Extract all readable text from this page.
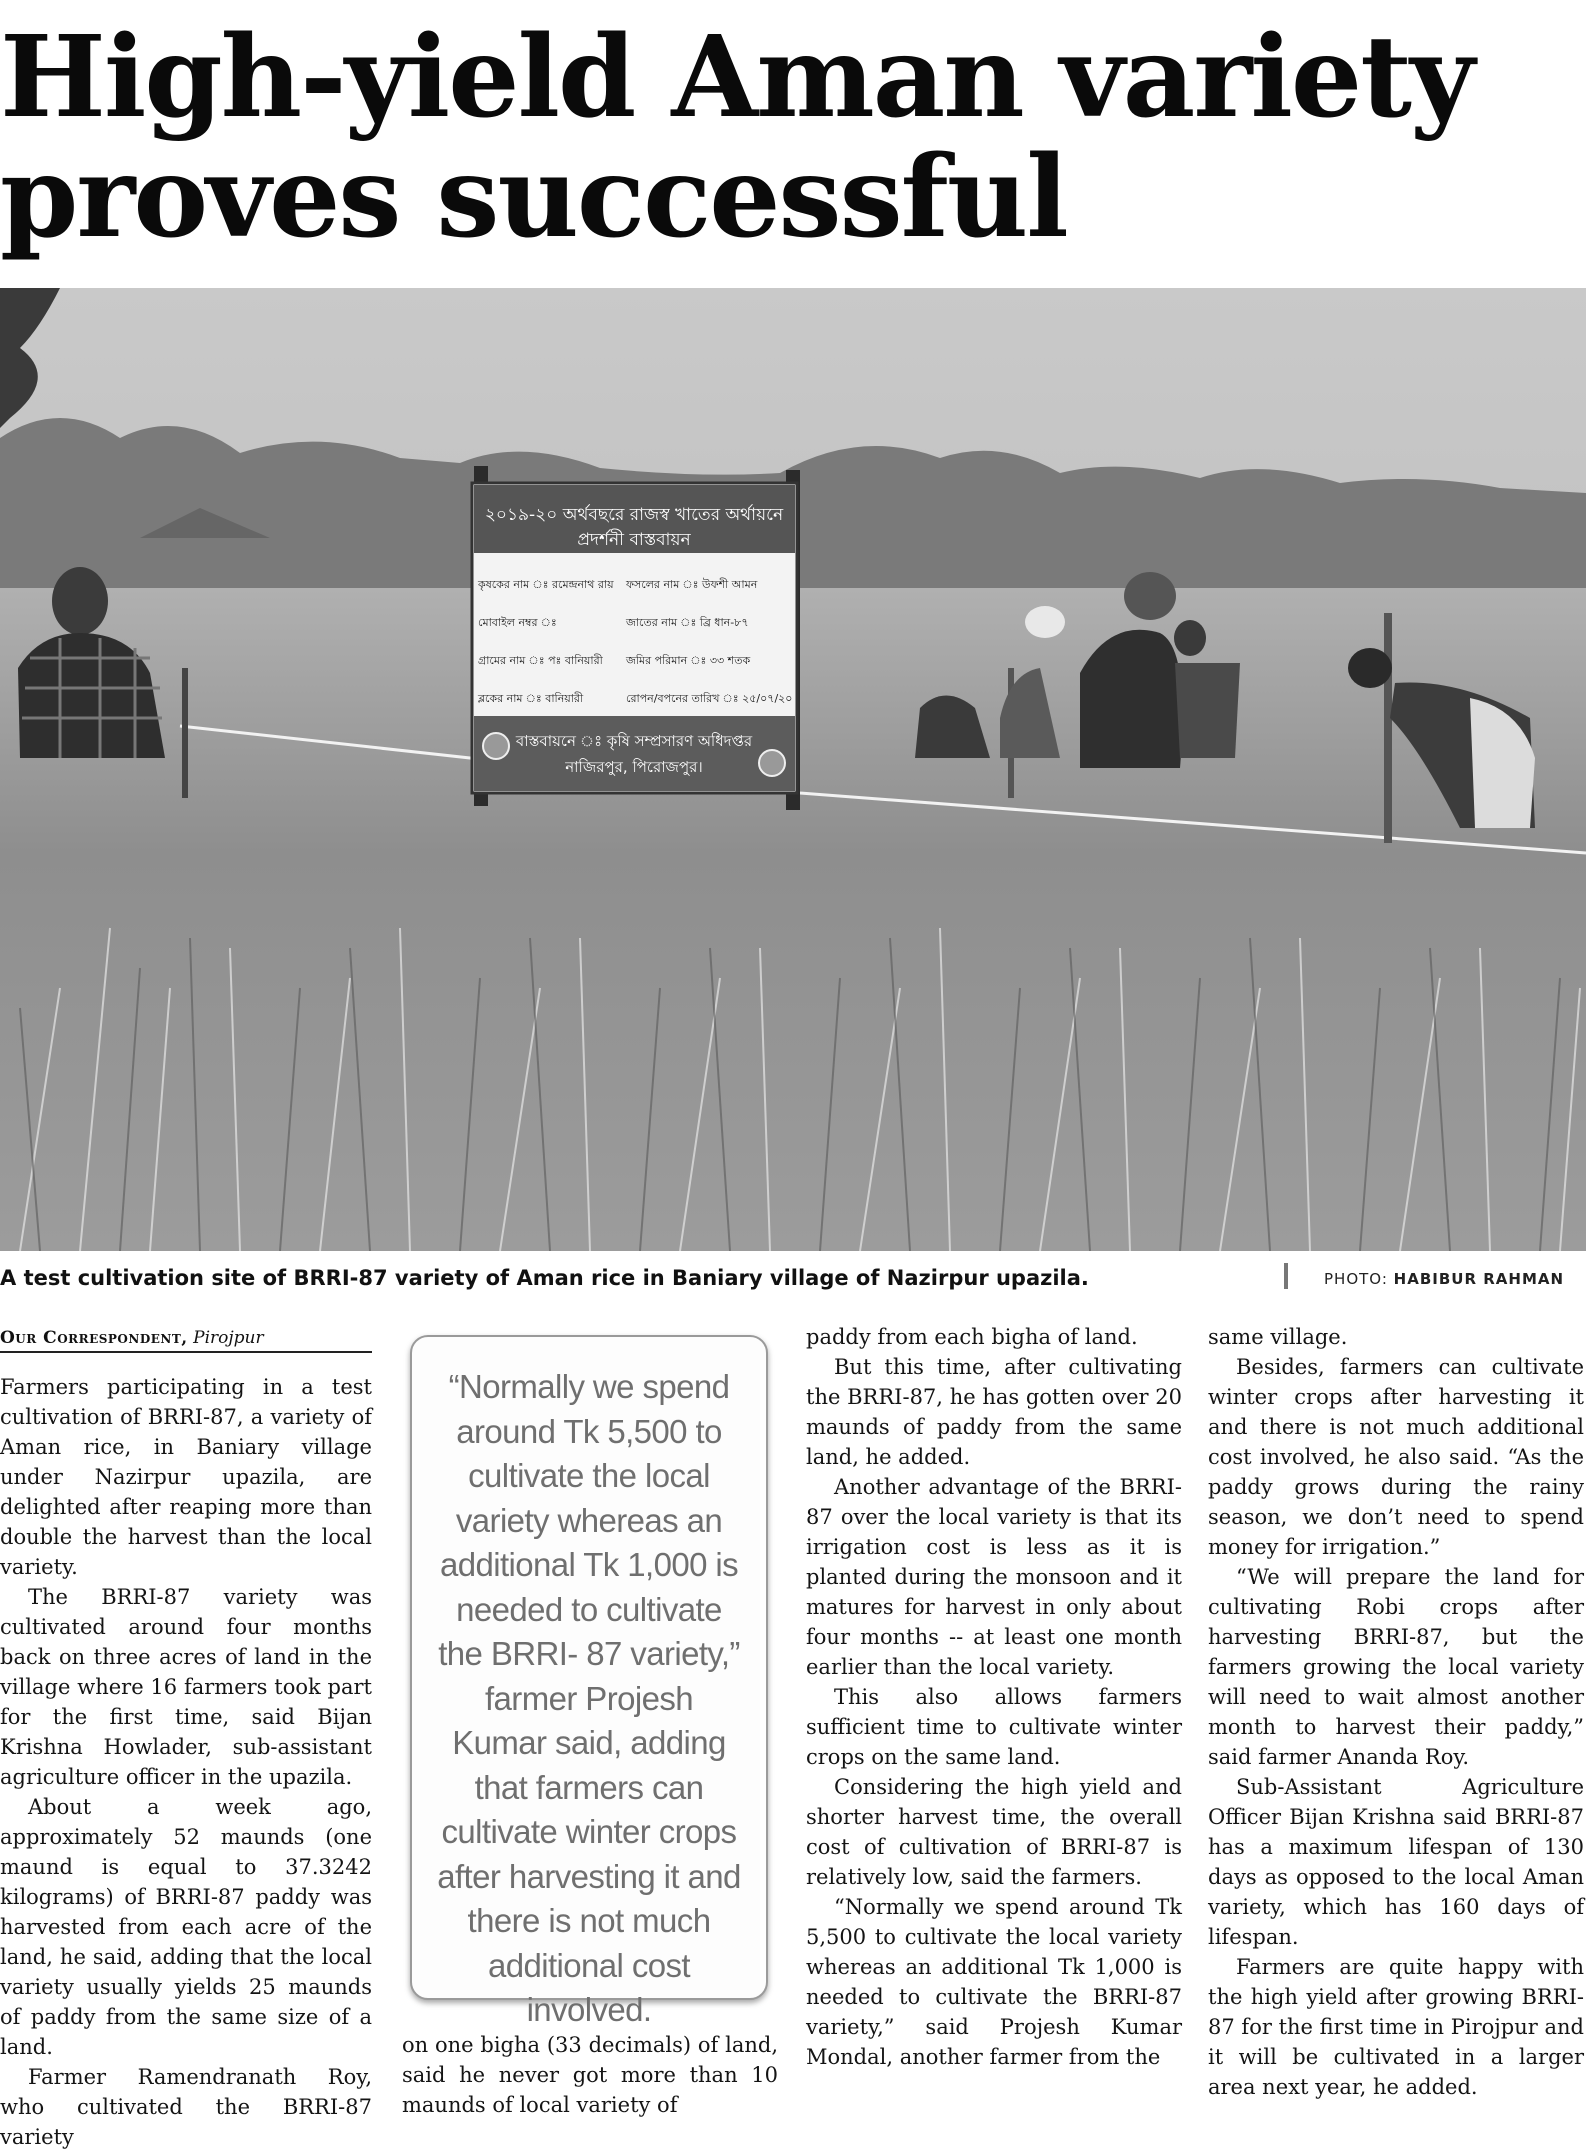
High-yield Aman variety proves successful
২০১৯-২০ অর্থবছরে রাজস্ব খাতের অর্থায়নে
প্রদর্শনী বাস্তবায়ন
কৃষকের নাম ঃ রমেন্দ্রনাথ রায় ফসলের নাম ঃ উফশী আমন
মোবাইল নম্বর ঃ	জাতের নাম ঃ ব্রি ধান-৮৭
গ্রামের নাম ঃ পঃ বানিয়ারী জমির পরিমান ঃ ৩৩ শতক
ব্লকের নাম ঃ বানিয়ারী	রোপন/বপনের তারিখ ঃ ২৫/০৭/২০
বাস্তবায়নে ঃ কৃষি সম্প্রসারণ অধিদপ্তর
নাজিরপুর, পিরোজপুর।
A test cultivation site of BRRI-87 variety of Aman rice in Baniary village of Nazirpur upazila.	PHOTO: HABIBUR RAHMAN
Our Correspondent, Pirojpur

Farmers participating in a test cultivation of BRRI-87, a variety of Aman rice, in Baniary village under Nazirpur upazila, are delighted after reaping more than double the harvest than the local variety.

The BRRI-87 variety was cultivated around four months back on three acres of land in the village where 16 farmers took part for the first time, said Bijan Krishna Howlader, sub-assistant agriculture officer in the upazila.

About a week ago, approximately 52 maunds (one maund is equal to 37.3242 kilograms) of BRRI-87 paddy was harvested from each acre of the land, he said, adding that the local variety usually yields 25 maunds of paddy from the same size of a land.

Farmer Ramendranath Roy, who cultivated the BRRI-87 variety

“Normally we spend around Tk 5,500 to cultivate the local variety whereas an additional Tk 1,000 is needed to cultivate the BRRI- 87 variety,” farmer Projesh Kumar said, adding that farmers can cultivate winter crops after harvesting it and there is not much additional cost involved.

on one bigha (33 decimals) of land, said he never got more than 10 maunds of local variety of

paddy from each bigha of land.

But this time, after cultivating the BRRI-87, he has gotten over 20 maunds of paddy from the same land, he added.

Another advantage of the BRRI-87 over the local variety is that its irrigation cost is less as it is planted during the monsoon and it matures for harvest in only about four months -- at least one month earlier than the local variety.

This also allows farmers sufficient time to cultivate winter crops on the same land.

Considering the high yield and shorter harvest time, the overall cost of cultivation of BRRI-87 is relatively low, said the farmers.

“Normally we spend around Tk 5,500 to cultivate the local variety whereas an additional Tk 1,000 is needed to cultivate the BRRI-87 variety,” said Projesh Kumar Mondal, another farmer from the

same village.

Besides, farmers can cultivate winter crops after harvesting it and there is not much additional cost involved, he also said. “As the paddy grows during the rainy season, we don’t need to spend money for irrigation.”

“We will prepare the land for cultivating Robi crops after harvesting BRRI-87, but the farmers growing the local variety will need to wait almost another month to harvest their paddy,” said farmer Ananda Roy.

Sub-Assistant Agriculture Officer Bijan Krishna said BRRI-87 has a maximum lifespan of 130 days as opposed to the local Aman variety, which has 160 days of lifespan.

Farmers are quite happy with the high yield after growing BRRI-87 for the first time in Pirojpur and it will be cultivated in a larger area next year, he added.
